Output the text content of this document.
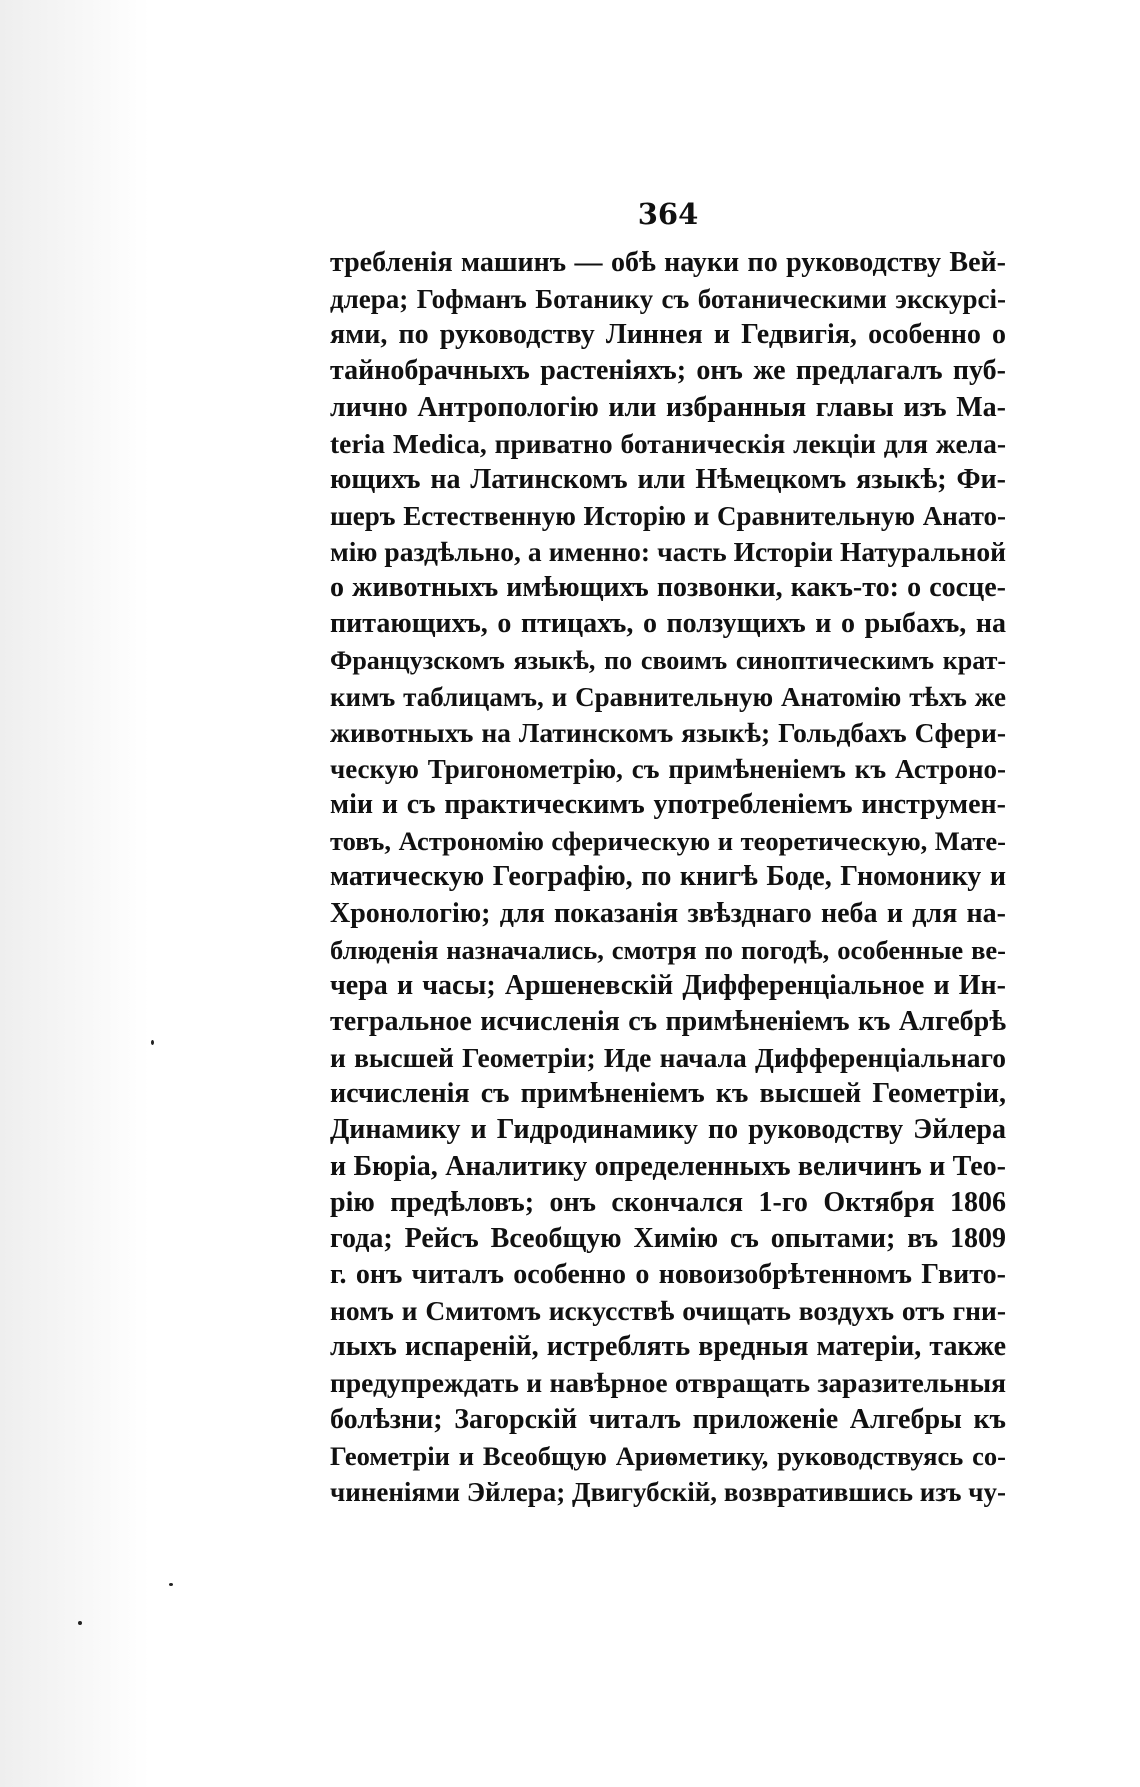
364
требленія машинъ — обѣ науки по руководству Вей-
длера; Гофманъ Ботанику съ ботаническими экскурсі-
ями, по руководству Линнея и Гедвигія, особенно о
тайнобрачныхъ растеніяхъ; онъ же предлагалъ пуб-
лично Антропологію или избранныя главы изъ Ма-
teria Medica, приватно ботаническія лекціи для жела-
ющихъ на Латинскомъ или Нѣмецкомъ языкѣ; Фи-
шеръ Естественную Исторію и Сравнительную Анато-
мію раздѣльно, а именно: часть Исторіи Натуральной
о животныхъ имѣющихъ позвонки, какъ-то: о сосце-
питающихъ, о птицахъ, о ползущихъ и о рыбахъ, на
Французскомъ языкѣ, по своимъ синоптическимъ крат-
кимъ таблицамъ, и Сравнительную Анатомію тѣхъ же
животныхъ на Латинскомъ языкѣ; Гольдбахъ Сфери-
ческую Тригонометрію, съ примѣненіемъ къ Астроно-
міи и съ практическимъ употребленіемъ инструмен-
товъ, Астрономію сферическую и теоретическую, Мате-
матическую Географію, по книгѣ Боде, Гномонику и
Хронологію; для показанія звѣзднаго неба и для на-
блюденія назначались, смотря по погодѣ, особенные ве-
чера и часы; Аршеневскій Дифференціальное и Ин-
тегральное исчисленія съ примѣненіемъ къ Алгебрѣ
и высшей Геометріи; Иде начала Дифференціальнаго
исчисленія съ примѣненіемъ къ высшей Геометріи,
Динамику и Гидродинамику по руководству Эйлера
и Бюріа, Аналитику определенныхъ величинъ и Тео-
рію предѣловъ; онъ скончался 1-го Октября 1806
года; Рейсъ Всеобщую Химію съ опытами; въ 1809
г. онъ читалъ особенно о новоизобрѣтенномъ Гвито-
номъ и Смитомъ искусствѣ очищать воздухъ отъ гни-
лыхъ испареній, истреблять вредныя матеріи, также
предупреждать и навѣрное отвращать заразительныя
болѣзни; Загорскій читалъ приложеніе Алгебры къ
Геометріи и Всеобщую Ариѳметику, руководствуясь со-
чиненіями Эйлера; Двигубскій, возвратившись изъ чу-
